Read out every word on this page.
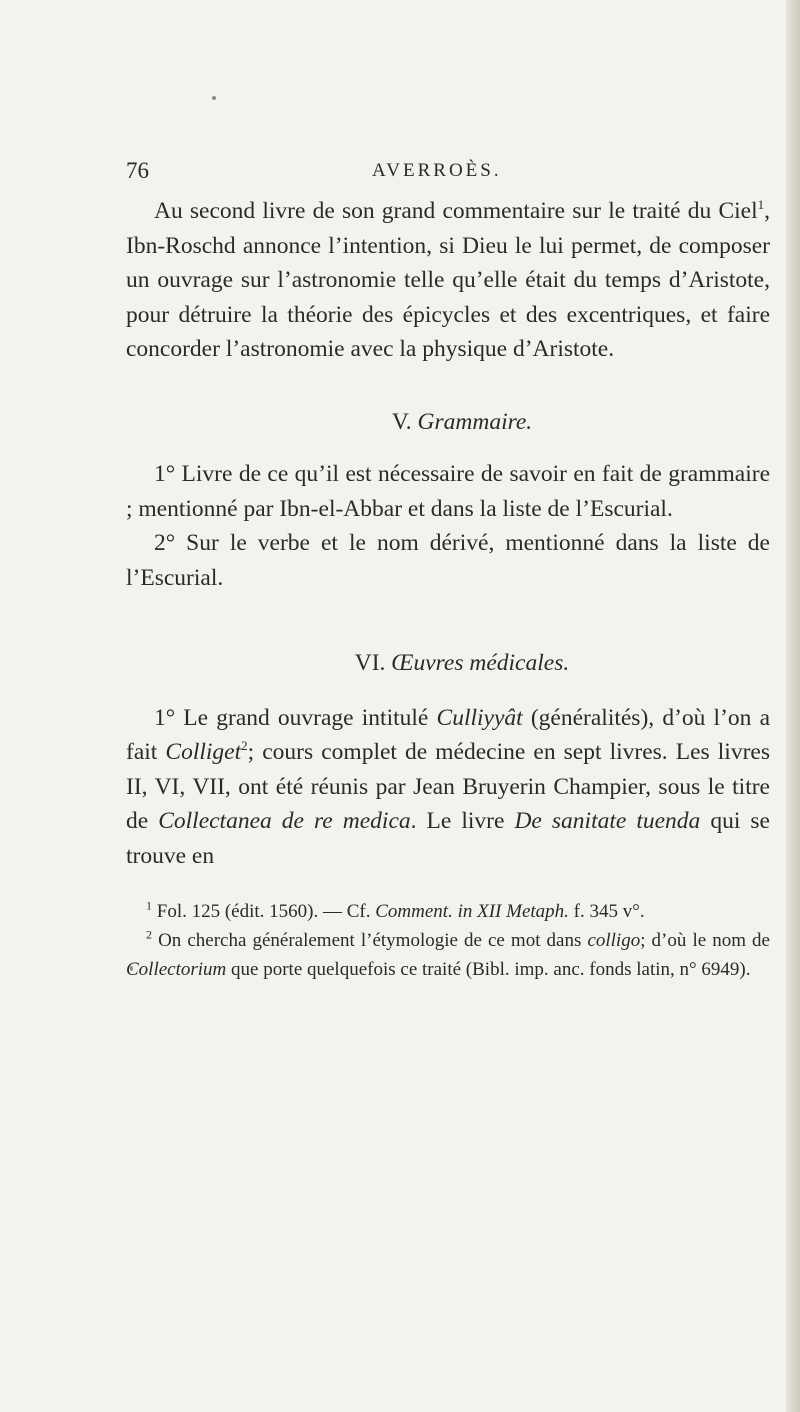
76	AVERROÈS.

Au second livre de son grand commentaire sur le traité du Ciel$^1$, Ibn-Roschd annonce l’intention, si Dieu le lui permet, de composer un ouvrage sur l’astronomie telle qu’elle était du temps d’Aristote, pour détruire la théorie des épicycles et des excentriques, et faire concorder l’astronomie avec la physique d’Aristote.

V. Grammaire.

1° Livre de ce qu’il est nécessaire de savoir en fait de grammaire ; mentionné par Ibn-el-Abbar et dans la liste de l’Escurial.

2° Sur le verbe et le nom dérivé, mentionné dans la liste de l’Escurial.

VI. Œuvres médicales.

1° Le grand ouvrage intitulé Culliyyât (généralités), d’où l’on a fait Colliget$^2$; cours complet de médecine en sept livres. Les livres II, VI, VII, ont été réunis par Jean Bruyerin Champier, sous le titre de Collectanea de re medica. Le livre De sanitate tuenda qui se trouve en

$^1$ Fol. 125 (édit. 1560). — Cf. Comment. in XII Metaph. f. 345 v°.

$^2$ On chercha généralement l’étymologie de ce mot dans colligo; d’où le nom de Collectorium que porte quelquefois ce traité (Bibl. imp. anc. fonds latin, n° 6949).
